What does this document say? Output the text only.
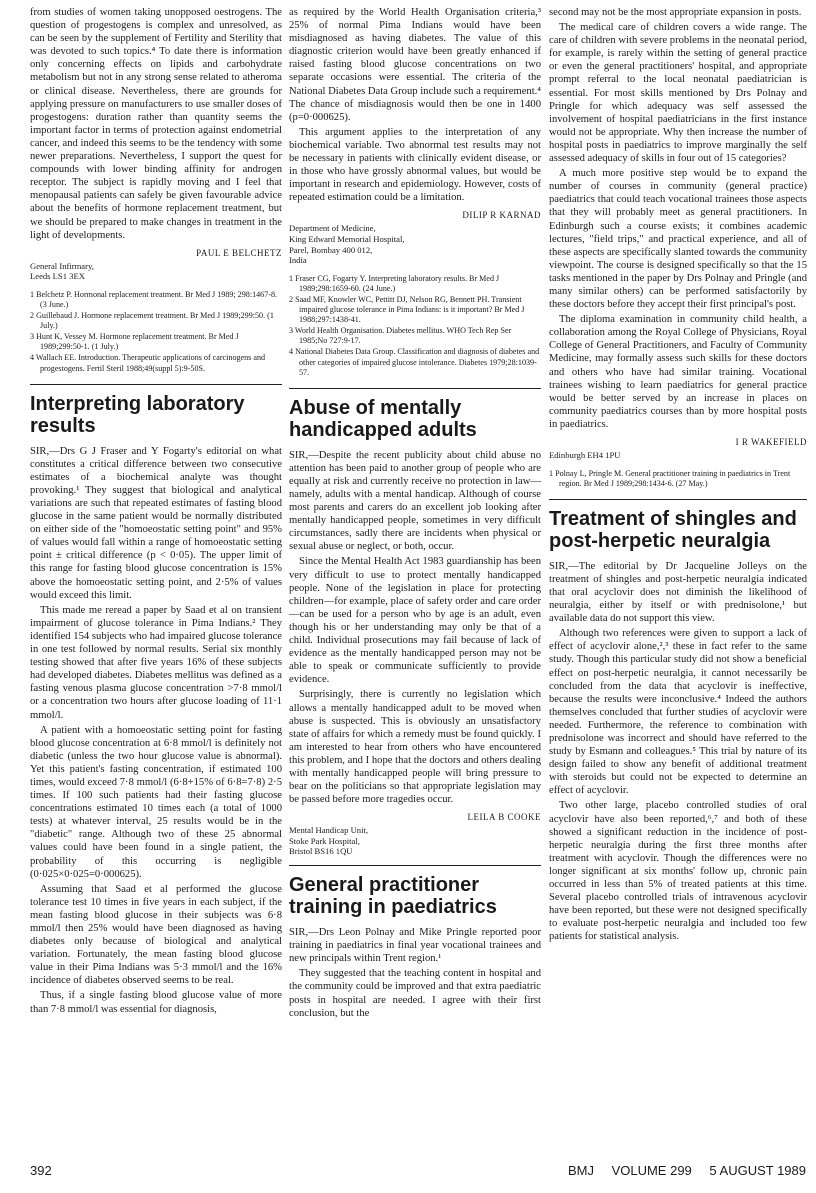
from studies of women taking unopposed oestrogens. The question of progestogens is complex and unresolved, as can be seen by the supplement of Fertility and Sterility that was devoted to such topics.⁴ To date there is information only concerning effects on lipids and carbohydrate metabolism but not in any strong sense related to atheroma or clinical disease. Nevertheless, there are grounds for applying pressure on manufacturers to use smaller doses of progestogens: duration rather than quantity seems the important factor in terms of protection against endometrial cancer, and indeed this seems to be the tendency with some newer preparations. Nevertheless, I support the quest for compounds with lower binding affinity for androgen receptor. The subject is rapidly moving and I feel that menopausal patients can safely be given favourable advice about the benefits of hormone replacement treatment, but we should be prepared to make changes in treatment in the light of developments.

PAUL E BELCHETZ
General Infirmary,
Leeds LS1 3EX
1 Belchetz P. Hormonal replacement treatment. Br Med J 1989; 298:1467-8. (3 June.)
2 Guillebaud J. Hormone replacement treatment. Br Med J 1989;299:50. (1 July.)
3 Hunt K, Vessey M. Hormone replacement treatment. Br Med J 1989;299:50-1. (1 July.)
4 Wallach EE. Introduction. Therapeutic applications of carcinogens and progestogens. Fertil Steril 1988;49(suppl 5):9-50S.
Interpreting laboratory results

SIR,—Drs G J Fraser and Y Fogarty's editorial on what constitutes a critical difference between two consecutive estimates of a biochemical analyte was thought provoking.¹ They suggest that biological and analytical variations are such that repeated estimates of fasting blood glucose in the same patient would be normally distributed on either side of the "homoeostatic setting point" and 95% of values would fall within a range of homoeostatic setting point ± critical difference (p < 0·05). The upper limit of this range for fasting blood glucose concentration is 15% above the homoeostatic setting point, and 2·5% of values would exceed this limit.

This made me reread a paper by Saad et al on transient impairment of glucose tolerance in Pima Indians.² They identified 154 subjects who had impaired glucose tolerance in one test followed by normal results. Serial six monthly testing showed that after five years 16% of these subjects had developed diabetes. Diabetes mellitus was defined as a fasting venous plasma glucose concentration >7·8 mmol/l or a concentration two hours after glucose loading of 11·1 mmol/l.

A patient with a homoeostatic setting point for fasting blood glucose concentration at 6·8 mmol/l is definitely not diabetic (unless the two hour glucose value is abnormal). Yet this patient's fasting concentration, if estimated 100 times, would exceed 7·8 mmol/l (6·8+15% of 6·8=7·8) 2·5 times. If 100 such patients had their fasting glucose concentrations estimated 10 times each (a total of 1000 tests) at whatever interval, 25 results would be in the "diabetic" range. Although two of these 25 abnormal values could have been found in a single patient, the probability of this occurring is negligible (0·025×0·025=0·000625).

Assuming that Saad et al performed the glucose tolerance test 10 times in five years in each subject, if the mean fasting blood glucose in their subjects was 6·8 mmol/l then 25% would have been diagnosed as having diabetes only because of biological and analytical variation. Fortunately, the mean fasting blood glucose value in their Pima Indians was 5·3 mmol/l and the 16% incidence of diabetes observed seems to be real.

Thus, if a single fasting blood glucose value of more than 7·8 mmol/l was essential for diagnosis,

as required by the World Health Organisation criteria,³ 25% of normal Pima Indians would have been misdiagnosed as having diabetes. The value of this diagnostic criterion would have been greatly enhanced if raised fasting blood glucose concentrations on two separate occasions were essential. The criteria of the National Diabetes Data Group include such a requirement.⁴ The chance of misdiagnosis would then be one in 1400 (p=0·000625).

This argument applies to the interpretation of any biochemical variable. Two abnormal test results may not be necessary in patients with clinically evident disease, or in those who have grossly abnormal values, but would be important in research and epidemiology. However, costs of repeated estimation could be a limitation.

DILIP R KARNAD
Department of Medicine,
King Edward Memorial Hospital,
Parel, Bombay 400 012,
India
1 Fraser CG, Fogarty Y. Interpreting laboratory results. Br Med J 1989;298:1659-60. (24 June.)
2 Saad MF, Knowler WC, Pettitt DJ, Nelson RG, Bennett PH. Transient impaired glucose tolerance in Pima Indians: is it important? Br Med J 1988;297:1438-41.
3 World Health Organisation. Diabetes mellitus. WHO Tech Rep Ser 1985;No 727:9-17.
4 National Diabetes Data Group. Classification and diagnosis of diabetes and other categories of impaired glucose intolerance. Diabetes 1979;28:1039-57.
Abuse of mentally handicapped adults

SIR,—Despite the recent publicity about child abuse no attention has been paid to another group of people who are equally at risk and currently receive no protection in law—namely, adults with a mental handicap. Although of course most parents and carers do an excellent job looking after mentally handicapped people, sometimes in very difficult circumstances, sadly there are incidents when physical or sexual abuse or neglect, or both, occur.

Since the Mental Health Act 1983 guardianship has been very difficult to use to protect mentally handicapped people. None of the legislation in place for protecting children—for example, place of safety order and care order—can be used for a person who by age is an adult, even though his or her understanding may only be that of a child. Individual prosecutions may fail because of lack of evidence as the mentally handicapped person may not be able to speak or communicate sufficiently to provide evidence.

Surprisingly, there is currently no legislation which allows a mentally handicapped adult to be moved when abuse is suspected. This is obviously an unsatisfactory state of affairs for which a remedy must be found quickly. I am interested to hear from others who have encountered this problem, and I hope that the doctors and others dealing with mentally handicapped people will bring pressure to bear on the politicians so that appropriate legislation may be passed before more tragedies occur.

LEILA B COOKE
Mental Handicap Unit,
Stoke Park Hospital,
Bristol BS16 1QU
General practitioner training in paediatrics

SIR,—Drs Leon Polnay and Mike Pringle reported poor training in paediatrics in final year vocational trainees and new principals within Trent region.¹

They suggested that the teaching content in hospital and the community could be improved and that extra paediatric posts in hospital are needed. I agree with their first conclusion, but the

second may not be the most appropriate expansion in posts.

The medical care of children covers a wide range. The care of children with severe problems in the neonatal period, for example, is rarely within the setting of general practice or even the general practitioners' hospital, and appropriate prompt referral to the local neonatal paediatrician is essential. For most skills mentioned by Drs Polnay and Pringle for which adequacy was self assessed the involvement of hospital paediatricians in the first instance would not be appropriate. Why then increase the number of hospital posts in paediatrics to improve marginally the self assessed adequacy of skills in four out of 15 categories?

A much more positive step would be to expand the number of courses in community (general practice) paediatrics that could teach vocational trainees those aspects that they will probably meet as general practitioners. In Edinburgh such a course exists; it combines academic lectures, "field trips," and practical experience, and all of these aspects are specifically slanted towards the community viewpoint. The course is designed specifically so that the 15 tasks mentioned in the paper by Drs Polnay and Pringle (and many similar others) can be performed satisfactorily by these doctors before they accept their first principal's post.

The diploma examination in community child health, a collaboration among the Royal College of Physicians, Royal College of General Practitioners, and Faculty of Community Medicine, may formally assess such skills for these doctors and others who have had similar training. Vocational trainees wishing to learn paediatrics for general practice would be better served by an increase in places on community paediatrics courses than by more hospital posts in paediatrics.

I R WAKEFIELD
Edinburgh EH4 1PU
1 Polnay L, Pringle M. General practitioner training in paediatrics in Trent region. Br Med J 1989;298:1434-6. (27 May.)
Treatment of shingles and post-herpetic neuralgia

SIR,—The editorial by Dr Jacqueline Jolleys on the treatment of shingles and post-herpetic neuralgia indicated that oral acyclovir does not diminish the likelihood of neuralgia, either by itself or with prednisolone,¹ but available data do not support this view.

Although two references were given to support a lack of effect of acyclovir alone,²,³ these in fact refer to the same study. Though this particular study did not show a beneficial effect on post-herpetic neuralgia, it cannot necessarily be concluded from the data that acyclovir is ineffective, because the results were inconclusive.⁴ Indeed the authors themselves concluded that further studies of acyclovir were needed. Furthermore, the reference to combination with prednisolone was incorrect and should have referred to the study by Esmann and colleagues.⁵ This trial by nature of its design failed to show any benefit of additional treatment with steroids but could not be expected to determine an effect of acyclovir.

Two other large, placebo controlled studies of oral acyclovir have also been reported,⁶,⁷ and both of these showed a significant reduction in the incidence of post-herpetic neuralgia during the first three months after treatment with acyclovir. Though the differences were no longer significant at six months' follow up, chronic pain occurred in less than 5% of treated patients at this time. Several placebo controlled trials of intravenous acyclovir have been reported, but these were not designed specifically to evaluate post-herpetic neuralgia and included too few patients for statistical analysis.

392	BMJ VOLUME 299 5 AUGUST 1989
